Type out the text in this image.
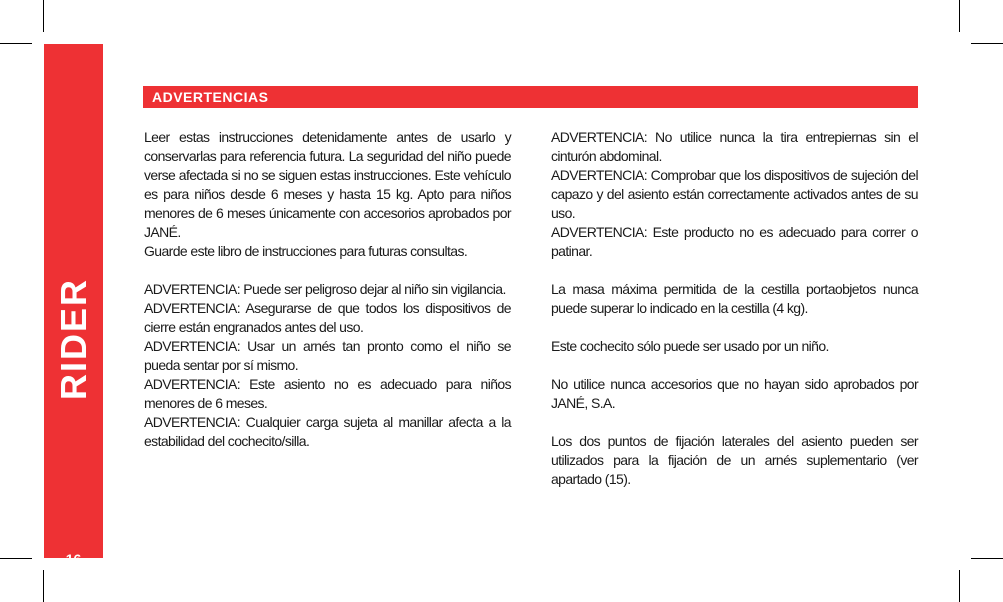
RIDER
16
ADVERTENCIAS

Leer estas instrucciones detenidamente antes de usarlo y conservarlas para referencia futura. La seguridad del niño puede verse afectada si no se siguen estas instrucciones. Este vehículo es para niños desde 6 meses y hasta 15 kg. Apto para niños menores de 6 meses únicamente con accesorios aprobados por JANÉ.

Guarde este libro de instrucciones para futuras consultas.

ADVERTENCIA: Puede ser peligroso dejar al niño sin vigilancia.

ADVERTENCIA: Asegurarse de que todos los dispositivos de cierre están engranados antes del uso.

ADVERTENCIA: Usar un arnés tan pronto como el niño se pueda sentar por sí mismo.

ADVERTENCIA: Este asiento no es adecuado para niños menores de 6 meses.

ADVERTENCIA: Cualquier carga sujeta al manillar afecta a la estabilidad del cochecito/silla.

ADVERTENCIA: No utilice nunca la tira entrepiernas sin el cinturón abdominal.

ADVERTENCIA: Comprobar que los dispositivos de sujeción del capazo y del asiento están correctamente activados antes de su uso.

ADVERTENCIA: Este producto no es adecuado para correr o patinar.

La masa máxima permitida de la cestilla portaobjetos nunca puede superar lo indicado en la cestilla (4 kg).

Este cochecito sólo puede ser usado por un niño.

No utilice nunca accesorios que no hayan sido aprobados por JANÉ, S.A.

Los dos puntos de fijación laterales del asiento pueden ser utilizados para la fijación de un arnés suplementario (ver apartado (15).
